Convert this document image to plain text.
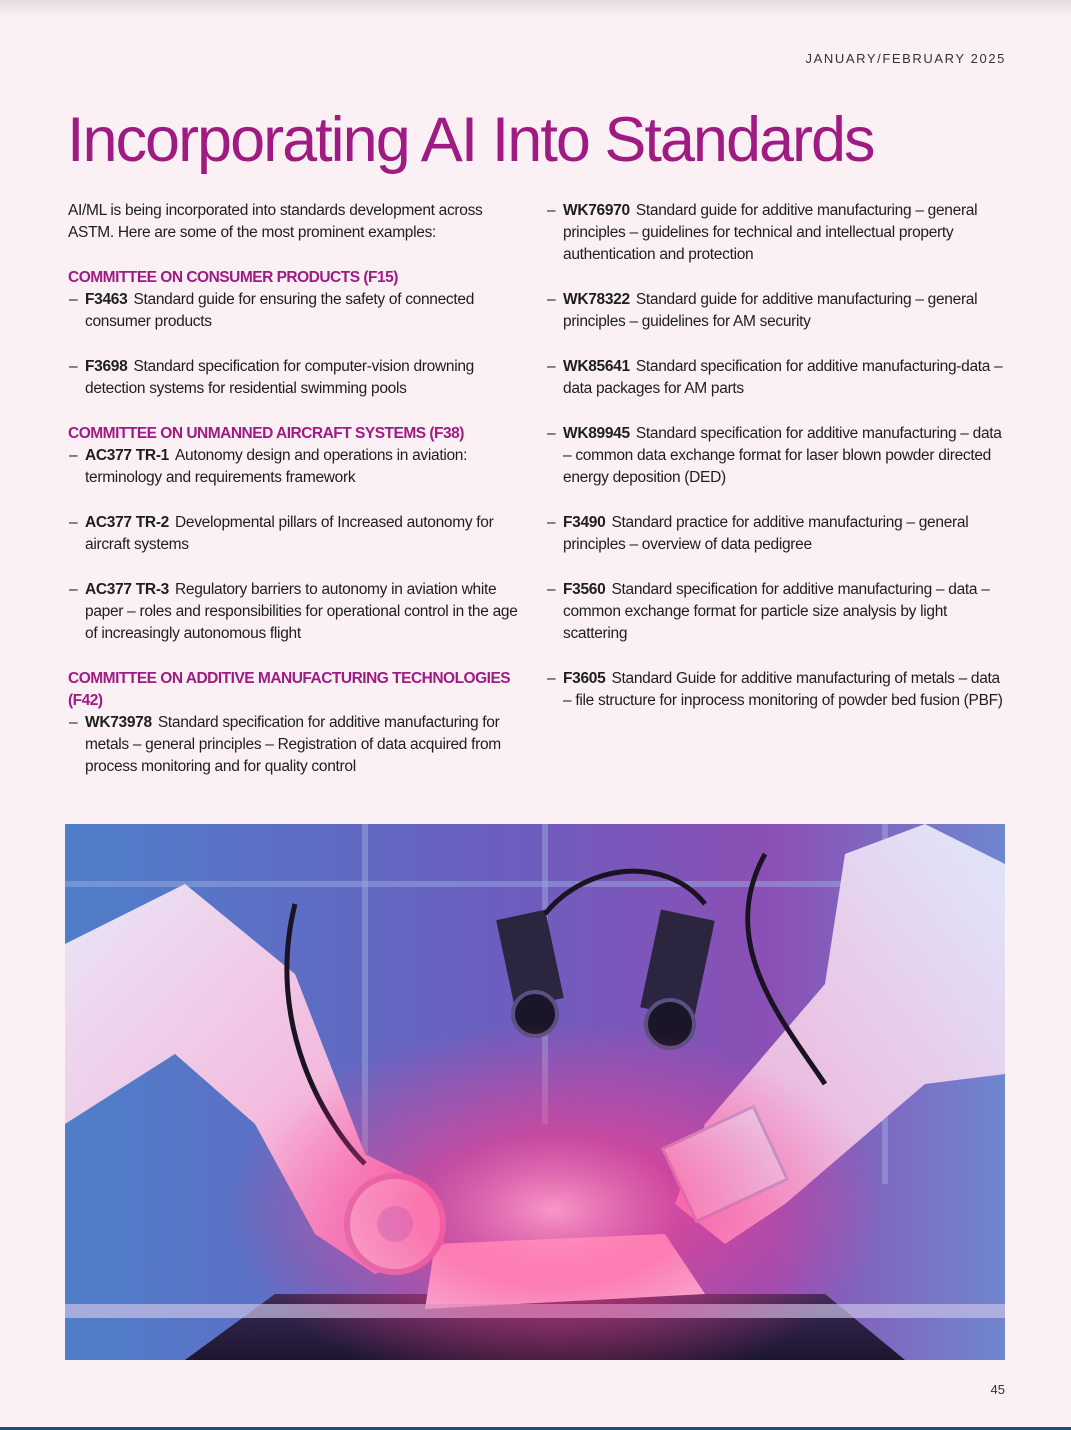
JANUARY/FEBRUARY 2025
Incorporating AI Into Standards

AI/ML is being incorporated into standards development across ASTM. Here are some of the most prominent examples:

COMMITTEE ON CONSUMER PRODUCTS (F15)
– F3463 Standard guide for ensuring the safety of connected consumer products
– F3698 Standard specification for computer-vision drowning detection systems for residential swimming pools
COMMITTEE ON UNMANNED AIRCRAFT SYSTEMS (F38)
– AC377 TR-1 Autonomy design and operations in aviation: terminology and requirements framework
– AC377 TR-2 Developmental pillars of Increased autonomy for aircraft systems
– AC377 TR-3 Regulatory barriers to autonomy in aviation white paper – roles and responsibilities for operational control in the age of increasingly autonomous flight
COMMITTEE ON ADDITIVE MANUFACTURING TECHNOLOGIES (F42)
– WK73978 Standard specification for additive manufacturing for metals – general principles – Registration of data acquired from process monitoring and for quality control
– WK76970 Standard guide for additive manufacturing – general principles – guidelines for technical and intellectual property authentication and protection
– WK78322 Standard guide for additive manufacturing – general principles – guidelines for AM security
– WK85641 Standard specification for additive manufacturing-data – data packages for AM parts
– WK89945 Standard specification for additive manufacturing – data – common data exchange format for laser blown powder directed energy deposition (DED)
– F3490 Standard practice for additive manufacturing – general principles – overview of data pedigree
– F3560 Standard specification for additive manufacturing – data – common exchange format for particle size analysis by light scattering
– F3605 Standard Guide for additive manufacturing of metals – data – file structure for inprocess monitoring of powder bed fusion (PBF)
45
